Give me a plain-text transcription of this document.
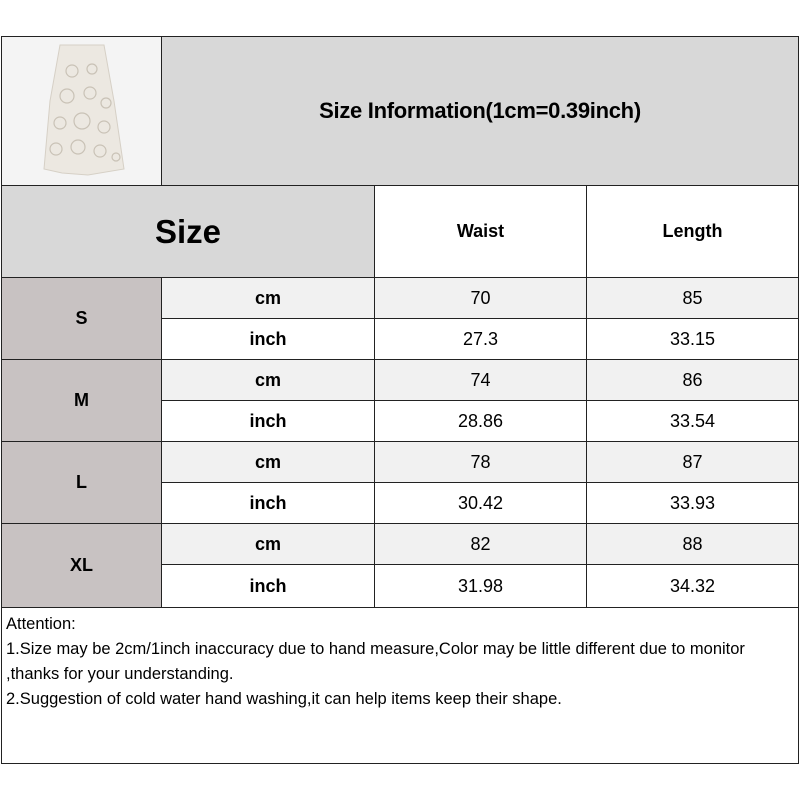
Size Information(1cm=0.39inch)
Size	Waist	Length
S
cm	70	85
inch	27.3	33.15
M
cm	74	86
inch	28.86	33.54
L
cm	78	87
inch	30.42	33.93
XL
cm	82	88
inch	31.98	34.32
Attention:
1.Size may be 2cm/1inch inaccuracy due to hand measure,Color may be little different due to monitor ,thanks for your understanding.
2.Suggestion of cold water hand washing,it can help items keep their shape.
